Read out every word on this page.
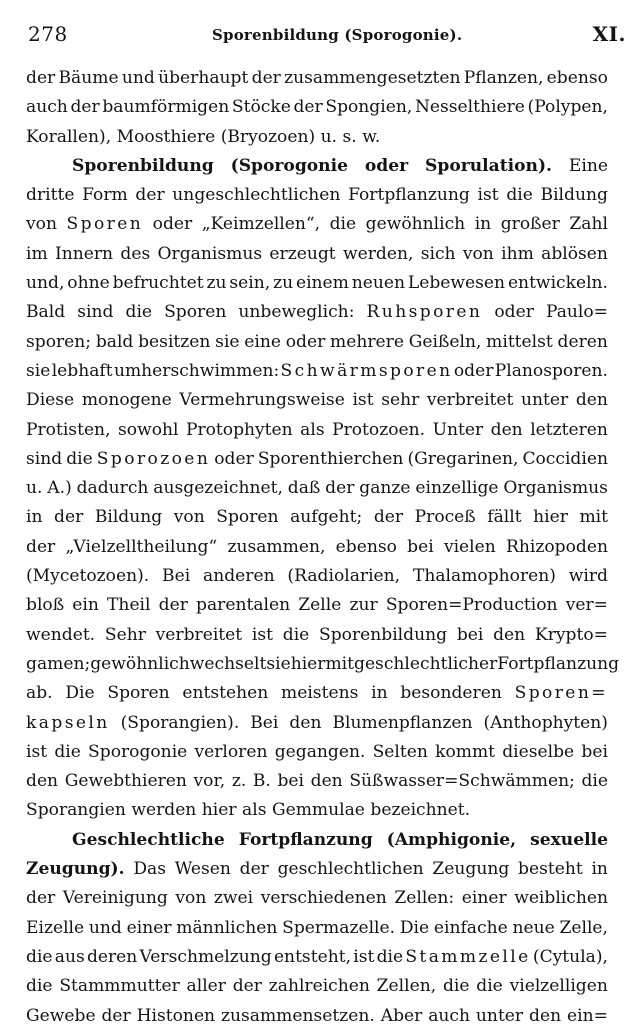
278	Sporenbildung (Sporogonie).	XI.
der Bäume und überhaupt der zusammengesetzten Pflanzen, ebenso
auch der baumförmigen Stöcke der Spongien, Nesselthiere (Polypen,
Korallen), Moosthiere (Bryozoen) u. s. w.
Sporenbildung (Sporogonie oder Sporulation). Eine
dritte Form der ungeschlechtlichen Fortpflanzung ist die Bildung
von Sporen oder „Keimzellen“, die gewöhnlich in großer Zahl
im Innern des Organismus erzeugt werden, sich von ihm ablösen
und, ohne befruchtet zu sein, zu einem neuen Lebewesen entwickeln.
Bald sind die Sporen unbeweglich: Ruhsporen oder Paulo=
sporen; bald besitzen sie eine oder mehrere Geißeln, mittelst deren
sie lebhaft umherschwimmen: Schwärmsporen oder Planosporen.
Diese monogene Vermehrungsweise ist sehr verbreitet unter den
Protisten, sowohl Protophyten als Protozoen. Unter den letzteren
sind die Sporozoen oder Sporenthierchen (Gregarinen, Coccidien
u. A.) dadurch ausgezeichnet, daß der ganze einzellige Organismus
in der Bildung von Sporen aufgeht; der Proceß fällt hier mit
der „Vielzelltheilung“ zusammen, ebenso bei vielen Rhizopoden
(Mycetozoen). Bei anderen (Radiolarien, Thalamophoren) wird
bloß ein Theil der parentalen Zelle zur Sporen=Production ver=
wendet. Sehr verbreitet ist die Sporenbildung bei den Krypto=
gamen; gewöhnlich wechselt sie hier mit geschlechtlicher Fortpflanzung
ab. Die Sporen entstehen meistens in besonderen Sporen=
kapseln (Sporangien). Bei den Blumenpflanzen (Anthophyten)
ist die Sporogonie verloren gegangen. Selten kommt dieselbe bei
den Gewebthieren vor, z. B. bei den Süßwasser=Schwämmen; die
Sporangien werden hier als Gemmulae bezeichnet.
Geschlechtliche Fortpflanzung (Amphigonie, sexuelle
Zeugung). Das Wesen der geschlechtlichen Zeugung besteht in
der Vereinigung von zwei verschiedenen Zellen: einer weiblichen
Eizelle und einer männlichen Spermazelle. Die einfache neue Zelle,
die aus deren Verschmelzung entsteht, ist die Stammzelle (Cytula),
die Stammmutter aller der zahlreichen Zellen, die die vielzelligen
Gewebe der Histonen zusammensetzen. Aber auch unter den ein=
